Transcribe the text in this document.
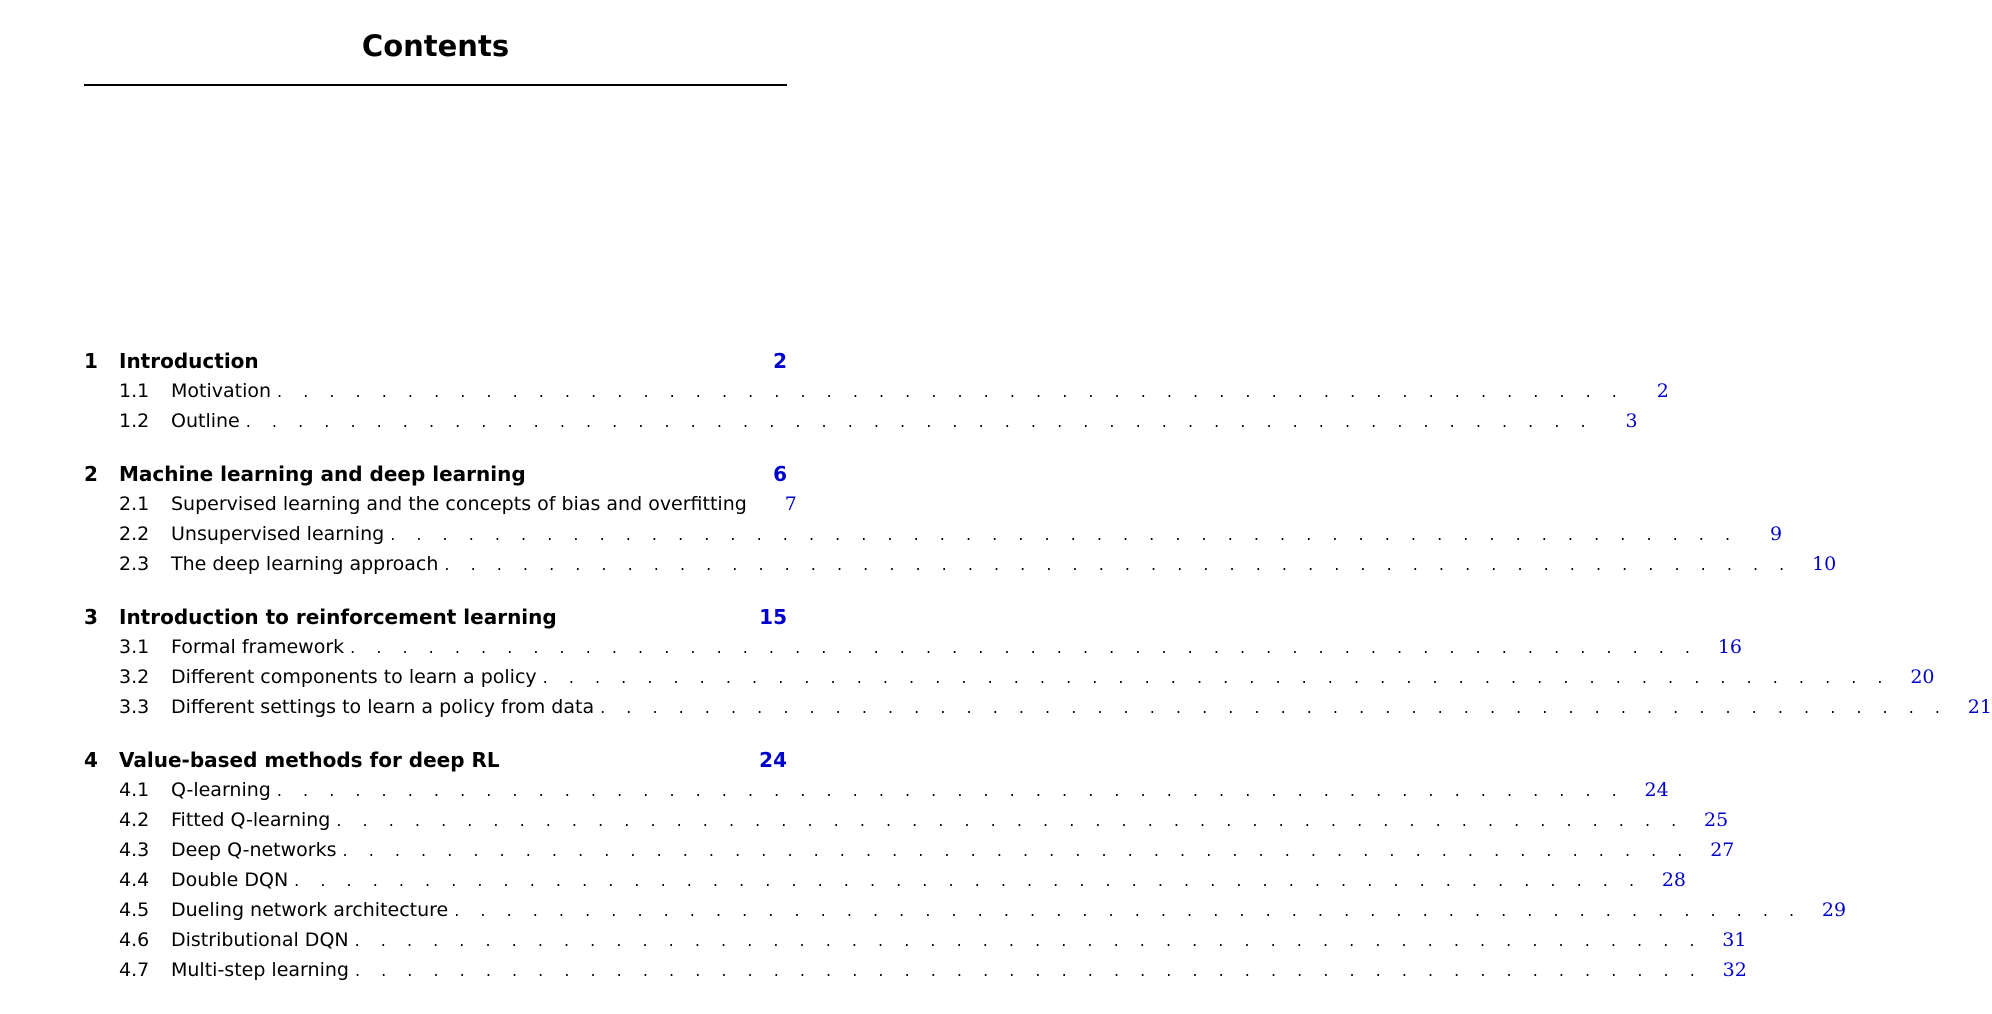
Contents
1	Introduction	2
1.1	Motivation . . . . . . . . . . . . . . . . . . . . . . . . . . . . . . . . . . . . . . . . . . . . . . . . . . . .	2
1.2	Outline . . . . . . . . . . . . . . . . . . . . . . . . . . . . . . . . . . . . . . . . . . . . . . . . . . . .	3
2	Machine learning and deep learning	6
2.1	Supervised learning and the concepts of bias and overfitting	7
2.2	Unsupervised learning . . . . . . . . . . . . . . . . . . . . . . . . . . . . . . . . . . . . . . . . . . . . . . . . . . . .	9
2.3	The deep learning approach . . . . . . . . . . . . . . . . . . . . . . . . . . . . . . . . . . . . . . . . . . . . . . . . . . . .	10
3	Introduction to reinforcement learning	15
3.1	Formal framework . . . . . . . . . . . . . . . . . . . . . . . . . . . . . . . . . . . . . . . . . . . . . . . . . . . .	16
3.2	Different components to learn a policy . . . . . . . . . . . . . . . . . . . . . . . . . . . . . . . . . . . . . . . . . . . . . . . . . . . .	20
3.3	Different settings to learn a policy from data . . . . . . . . . . . . . . . . . . . . . . . . . . . . . . . . . . . . . . . . . . . . . . . . . . . .	21
4	Value-based methods for deep RL	24
4.1	Q-learning . . . . . . . . . . . . . . . . . . . . . . . . . . . . . . . . . . . . . . . . . . . . . . . . . . . .	24
4.2	Fitted Q-learning . . . . . . . . . . . . . . . . . . . . . . . . . . . . . . . . . . . . . . . . . . . . . . . . . . . .	25
4.3	Deep Q-networks . . . . . . . . . . . . . . . . . . . . . . . . . . . . . . . . . . . . . . . . . . . . . . . . . . . .	27
4.4	Double DQN . . . . . . . . . . . . . . . . . . . . . . . . . . . . . . . . . . . . . . . . . . . . . . . . . . . .	28
4.5	Dueling network architecture . . . . . . . . . . . . . . . . . . . . . . . . . . . . . . . . . . . . . . . . . . . . . . . . . . . .	29
4.6	Distributional DQN . . . . . . . . . . . . . . . . . . . . . . . . . . . . . . . . . . . . . . . . . . . . . . . . . . . .	31
4.7	Multi-step learning . . . . . . . . . . . . . . . . . . . . . . . . . . . . . . . . . . . . . . . . . . . . . . . . . . . .	32
